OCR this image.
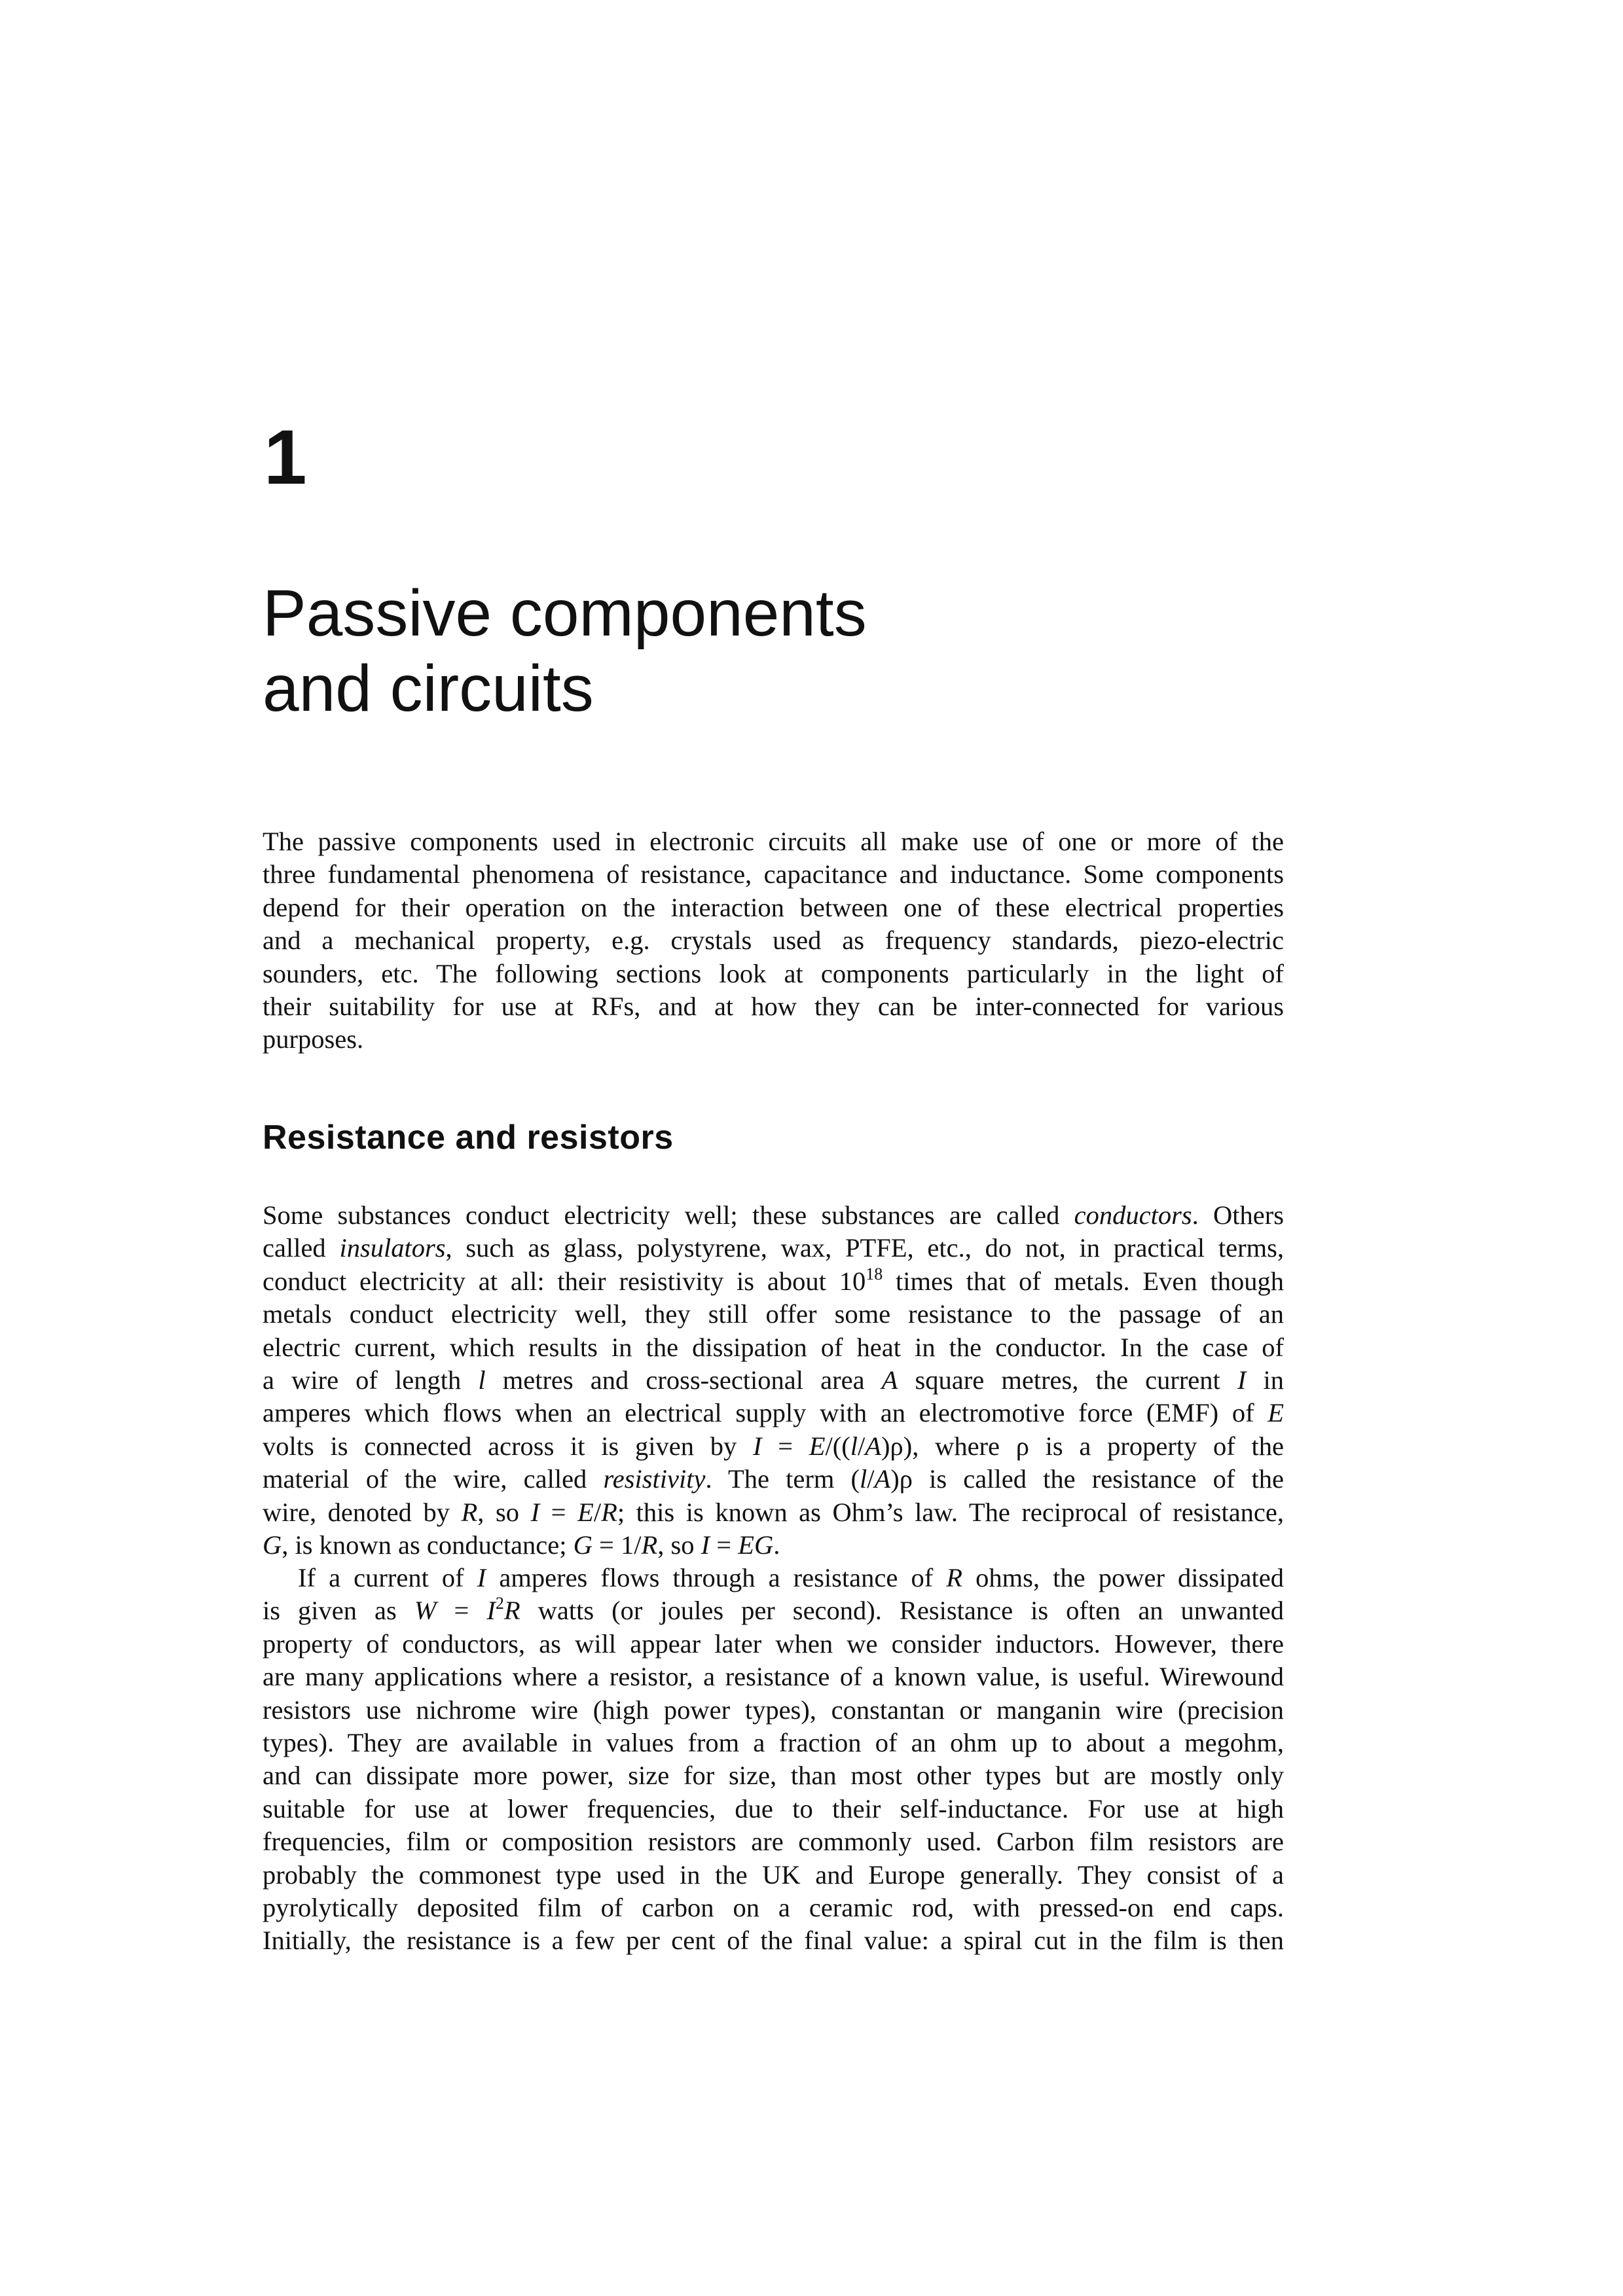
1
Passive components
and circuits
The passive components used in electronic circuits all make use of one or more of the
three fundamental phenomena of resistance, capacitance and inductance. Some components
depend for their operation on the interaction between one of these electrical properties
and a mechanical property, e.g. crystals used as frequency standards, piezo-electric
sounders, etc. The following sections look at components particularly in the light of
their suitability for use at RFs, and at how they can be inter-connected for various
purposes.
Resistance and resistors
Some substances conduct electricity well; these substances are called conductors. Others
called insulators, such as glass, polystyrene, wax, PTFE, etc., do not, in practical terms,
conduct electricity at all: their resistivity is about $10^{18}$ times that of metals. Even though
metals conduct electricity well, they still offer some resistance to the passage of an
electric current, which results in the dissipation of heat in the conductor. In the case of
a wire of length l metres and cross-sectional area A square metres, the current I in
amperes which flows when an electrical supply with an electromotive force (EMF) of E
volts is connected across it is given by I = E/((l/A)ρ), where ρ is a property of the
material of the wire, called resistivity. The term (l/A)ρ is called the resistance of the
wire, denoted by R, so I = E/R; this is known as Ohm’s law. The reciprocal of resistance,
G, is known as conductance; G = 1/R, so I = EG.
If a current of I amperes flows through a resistance of R ohms, the power dissipated
is given as $W = I^2R$ watts (or joules per second). Resistance is often an unwanted
property of conductors, as will appear later when we consider inductors. However, there
are many applications where a resistor, a resistance of a known value, is useful. Wirewound
resistors use nichrome wire (high power types), constantan or manganin wire (precision
types). They are available in values from a fraction of an ohm up to about a megohm,
and can dissipate more power, size for size, than most other types but are mostly only
suitable for use at lower frequencies, due to their self-inductance. For use at high
frequencies, film or composition resistors are commonly used. Carbon film resistors are
probably the commonest type used in the UK and Europe generally. They consist of a
pyrolytically deposited film of carbon on a ceramic rod, with pressed-on end caps.
Initially, the resistance is a few per cent of the final value: a spiral cut in the film is then
